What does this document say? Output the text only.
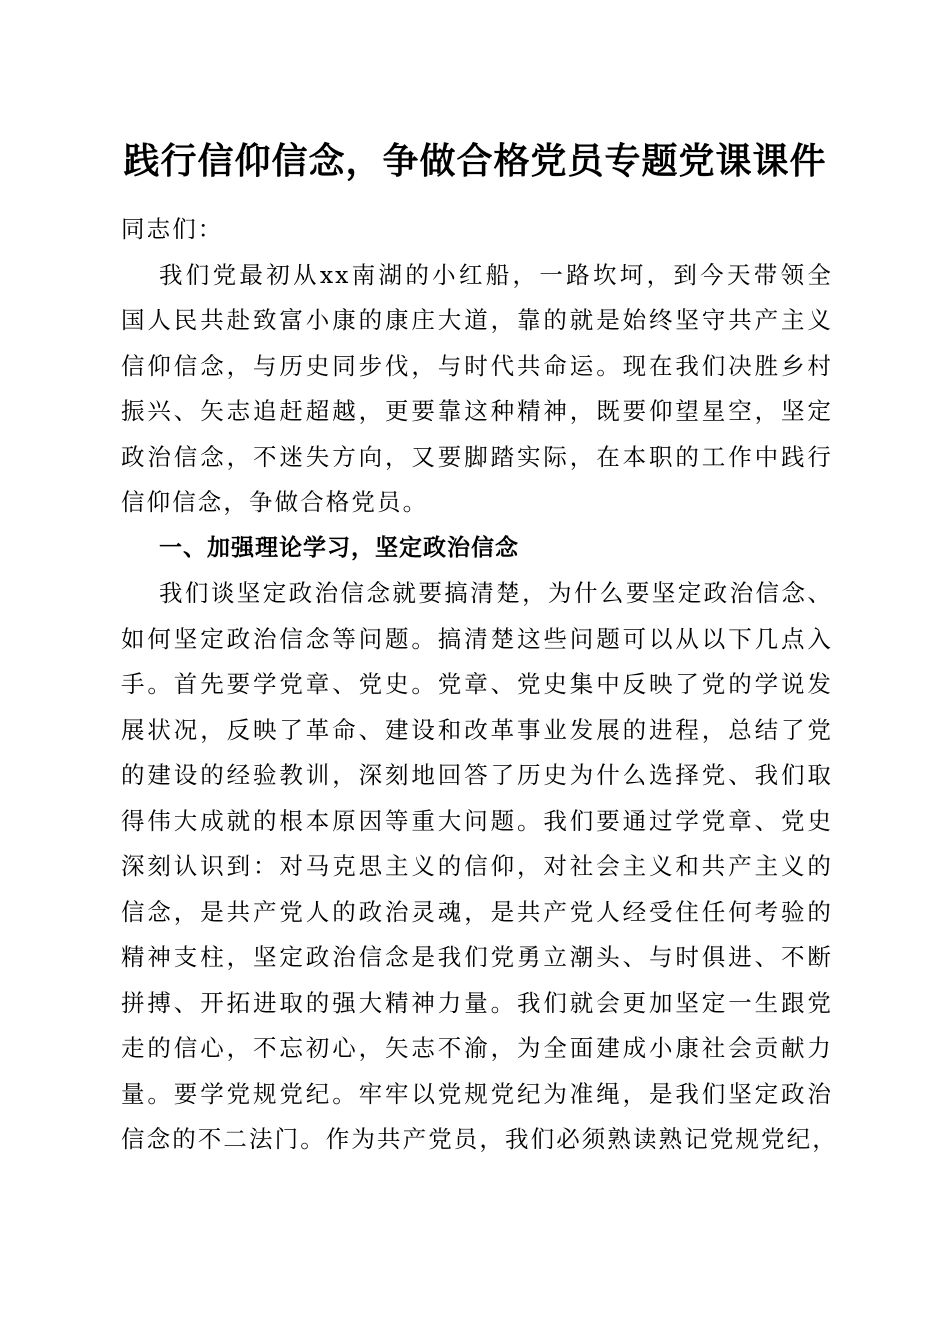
践行信仰信念，争做合格党员专题党课课件
同志们：
我们党最初从xx南湖的小红船，一路坎坷，到今天带领全
国人民共赴致富小康的康庄大道，靠的就是始终坚守共产主义
信仰信念，与历史同步伐，与时代共命运。现在我们决胜乡村
振兴、矢志追赶超越，更要靠这种精神，既要仰望星空，坚定
政治信念，不迷失方向，又要脚踏实际，在本职的工作中践行
信仰信念，争做合格党员。
一、加强理论学习，坚定政治信念
我们谈坚定政治信念就要搞清楚，为什么要坚定政治信念、
如何坚定政治信念等问题。搞清楚这些问题可以从以下几点入
手。首先要学党章、党史。党章、党史集中反映了党的学说发
展状况，反映了革命、建设和改革事业发展的进程，总结了党
的建设的经验教训，深刻地回答了历史为什么选择党、我们取
得伟大成就的根本原因等重大问题。我们要通过学党章、党史
深刻认识到：对马克思主义的信仰，对社会主义和共产主义的
信念，是共产党人的政治灵魂，是共产党人经受住任何考验的
精神支柱，坚定政治信念是我们党勇立潮头、与时俱进、不断
拼搏、开拓进取的强大精神力量。我们就会更加坚定一生跟党
走的信心，不忘初心，矢志不渝，为全面建成小康社会贡献力
量。要学党规党纪。牢牢以党规党纪为准绳，是我们坚定政治
信念的不二法门。作为共产党员，我们必须熟读熟记党规党纪，
